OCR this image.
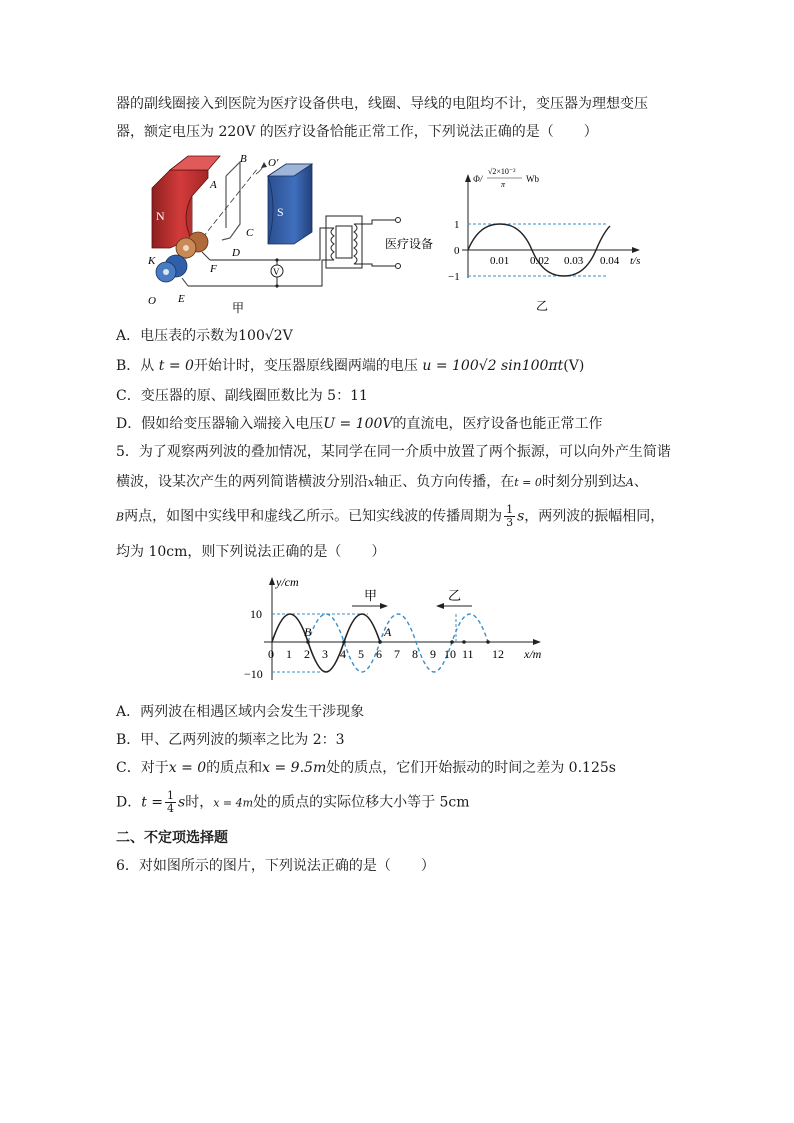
器的副线圈接入到医院为医疗设备供电，线圈、导线的电阻均不计，变压器为理想变压
器，额定电压为 220V 的医疗设备恰能正常工作，下列说法正确的是（ ）
N	S
B O′
A
C
D
K
F
O E
V
医疗设备
甲
Φ/
√2×10⁻²
π
Wb
1
0
−1
0.01 0.02 0.03 0.04 t/s
乙
A．电压表的示数为100√2V
B．从 t = 0开始计时，变压器原线圈两端的电压 u = 100√2 sin100πt(V)
C．变压器的原、副线圈匝数比为 5：11
D．假如给变压器输入端接入电压U = 100V的直流电，医疗设备也能正常工作
5．为了观察两列波的叠加情况，某同学在同一介质中放置了两个振源，可以向外产生简谐
横波，设某次产生的两列简谐横波分别沿x轴正、负方向传播，在t = 0时刻分别到达A、
B两点，如图中实线甲和虚线乙所示。已知实线波的传播周期为 $\frac{1}{3}$ s，两列波的振幅相同，
均为 10cm，则下列说法正确的是（ ）
y/cm
x/m
10
−10
B	A
甲	乙
0 1 2 3 4 5 6 7 8 9 10 11 12
A．两列波在相遇区域内会发生干涉现象
B．甲、乙两列波的频率之比为 2：3
C．对于x = 0的质点和x = 9.5m处的质点，它们开始振动的时间之差为 0.125s
D．$t = \frac{1}{4}$ s时，x = 4m处的质点的实际位移大小等于 5cm
二、不定项选择题
6．对如图所示的图片，下列说法正确的是（ ）
